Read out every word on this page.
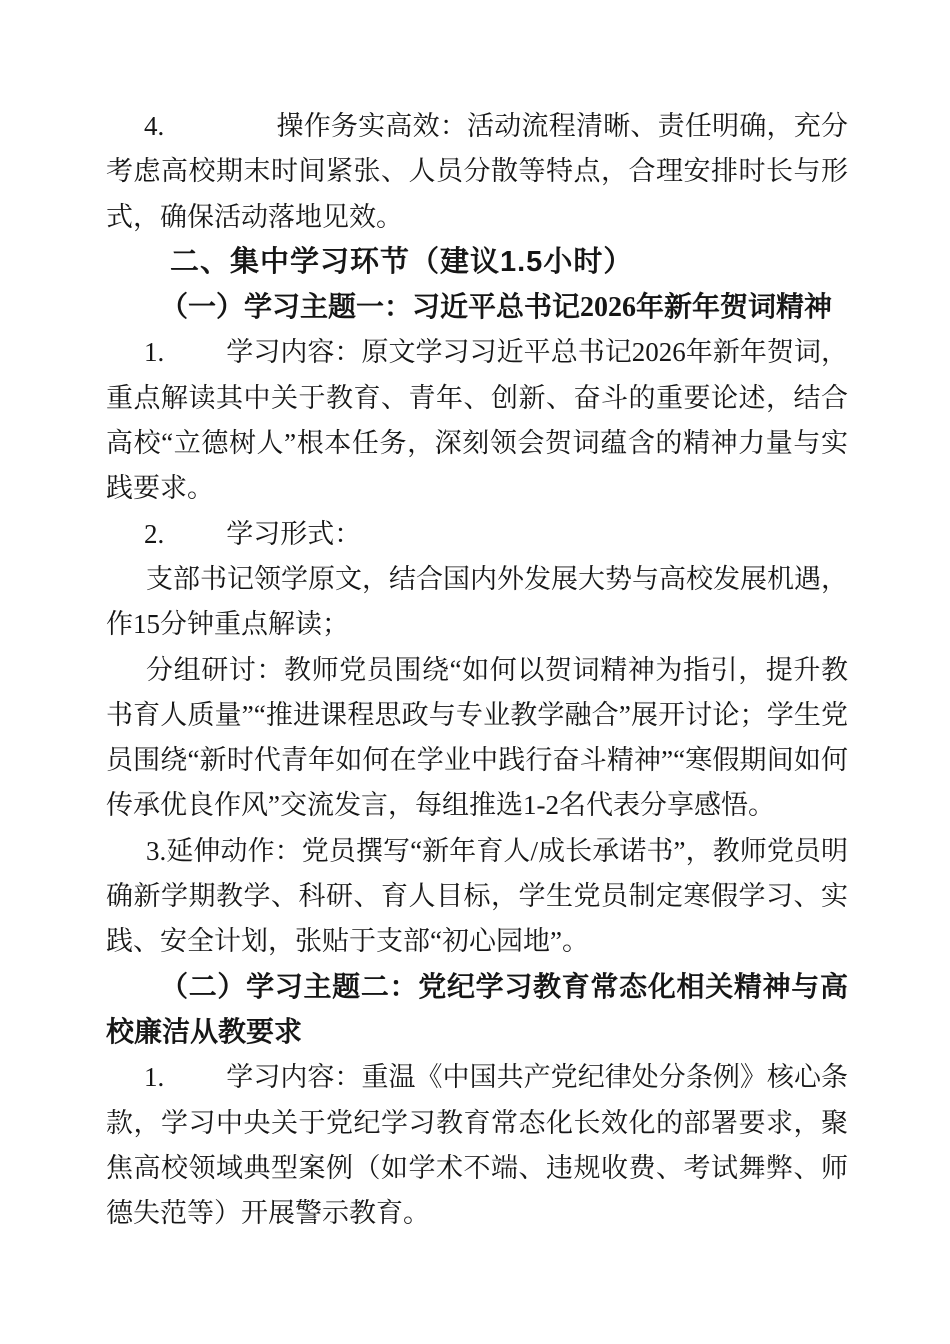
4.	操作务实高效：活动流程清晰、责任明确，充分考虑高校期末时间紧张、人员分散等特点，合理安排时长与形式，确保活动落地见效。

二、集中学习环节（建议1.5小时）

（一）学习主题一：习近平总书记2026年新年贺词精神

1. 学习内容：原文学习习近平总书记2026年新年贺词，重点解读其中关于教育、青年、创新、奋斗的重要论述，结合高校“立德树人”根本任务，深刻领会贺词蕴含的精神力量与实践要求。

2. 学习形式：

支部书记领学原文，结合国内外发展大势与高校发展机遇，作15分钟重点解读；

分组研讨：教师党员围绕“如何以贺词精神为指引，提升教书育人质量”“推进课程思政与专业教学融合”展开讨论；学生党员围绕“新时代青年如何在学业中践行奋斗精神”“寒假期间如何传承优良作风”交流发言，每组推选1-2名代表分享感悟。

3.延伸动作：党员撰写“新年育人/成长承诺书”，教师党员明确新学期教学、科研、育人目标，学生党员制定寒假学习、实践、安全计划，张贴于支部“初心园地”。

（二）学习主题二：党纪学习教育常态化相关精神与高校廉洁从教要求

1. 学习内容：重温《中国共产党纪律处分条例》核心条款，学习中央关于党纪学习教育常态化长效化的部署要求，聚焦高校领域典型案例（如学术不端、违规收费、考试舞弊、师德失范等）开展警示教育。
